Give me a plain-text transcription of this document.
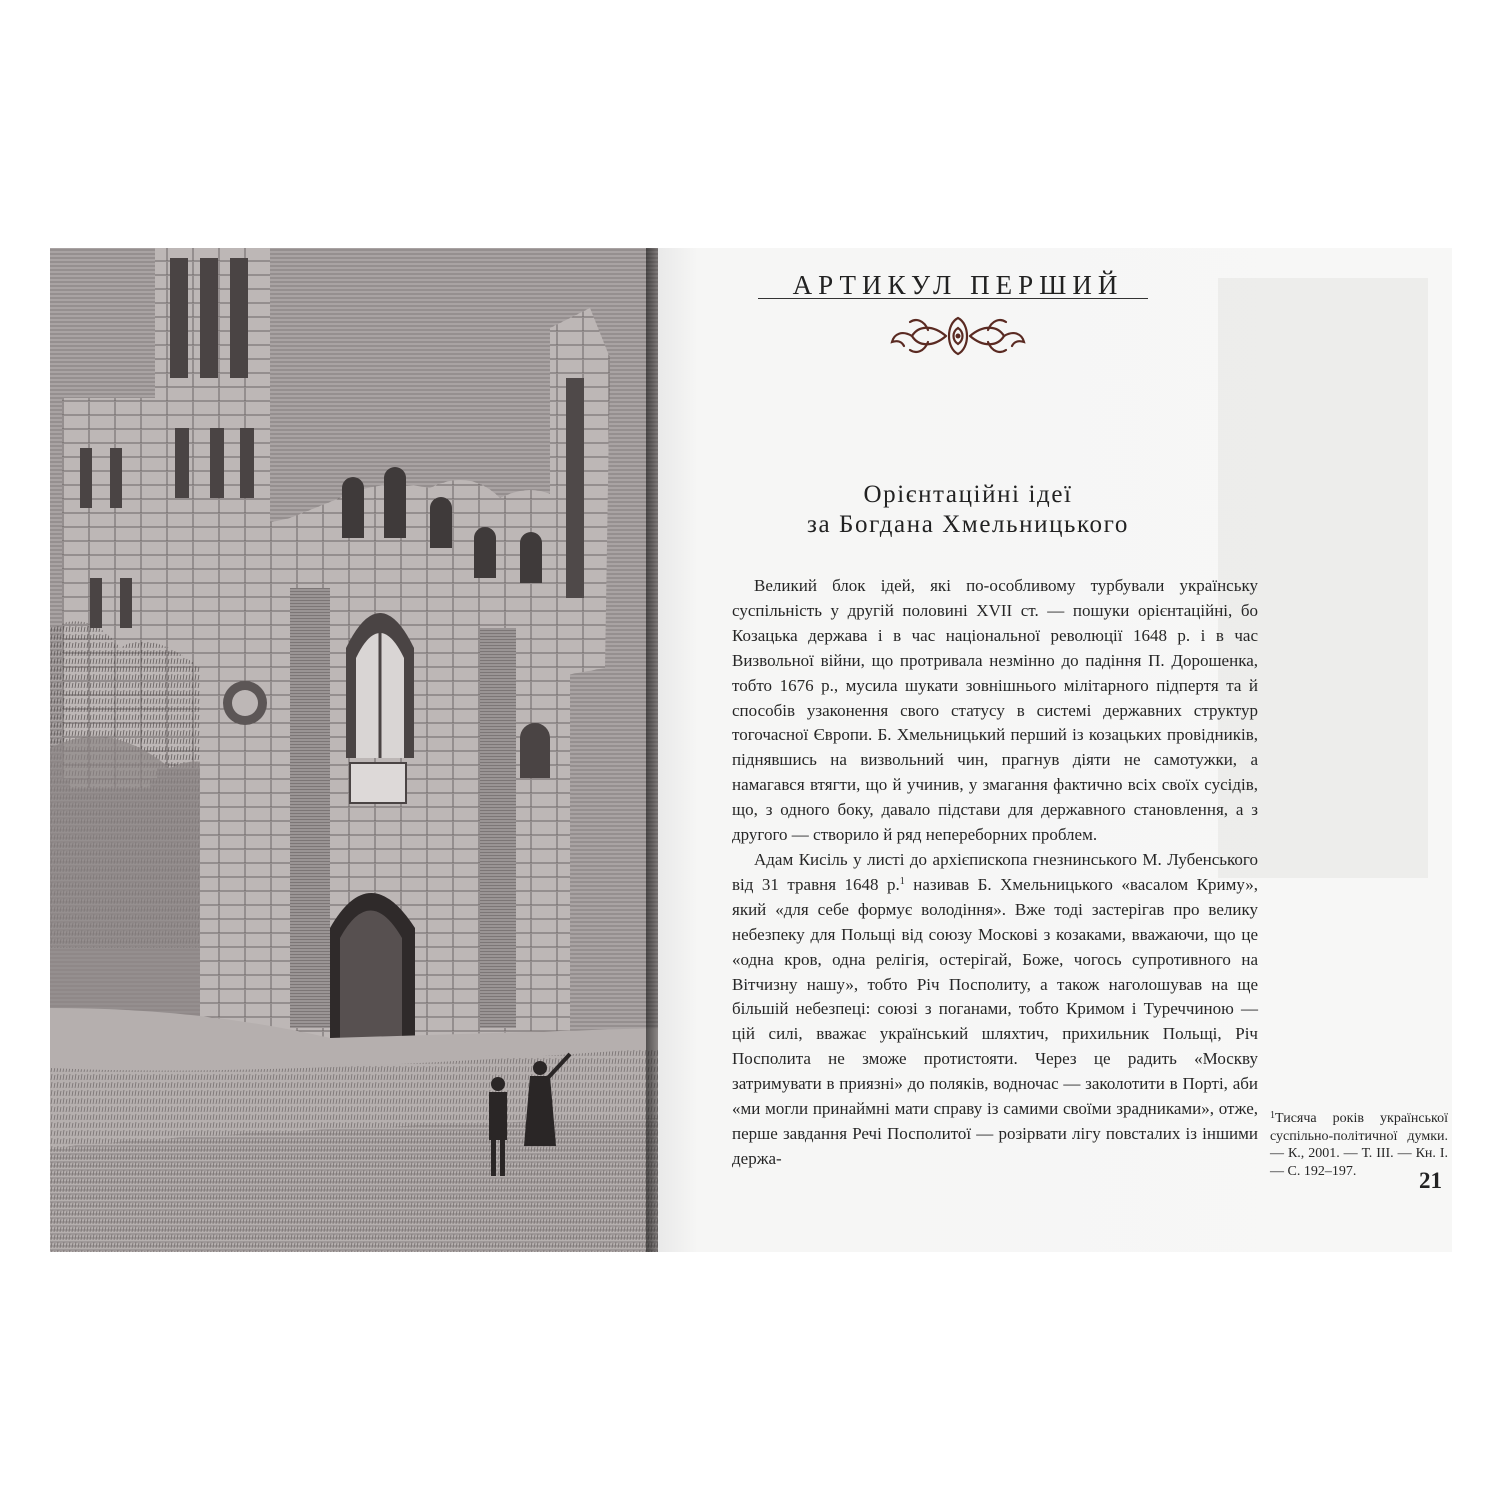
АРТИКУЛ ПЕРШИЙ
Орієнтаційні ідеї
за Богдана Хмельницького

Великий блок ідей, які по-особливому турбували українську суспільність у другій половині XVII ст. — пошуки орієнтаційні, бо Козацька держава і в час національної революції 1648 р. і в час Визвольної війни, що протривала незмінно до падіння П. Дорошенка, тобто 1676 р., мусила шукати зовнішнього мілітарного підпертя та й способів узаконення свого статусу в системі державних структур тогочасної Європи. Б. Хмельницький перший із козацьких провідників, піднявшись на визвольний чин, прагнув діяти не самотужки, а намагався втягти, що й учинив, у змагання фактично всіх своїх сусідів, що, з одного боку, давало підстави для державного становлення, а з другого — створило й ряд непереборних проблем.

Адам Кисіль у листі до архієпископа гнезнинського М. Лубенського від 31 травня 1648 р.$^1$ називав Б. Хмельницького «васалом Криму», який «для себе формує володіння». Вже тоді застерігав про велику небезпеку для Польщі від союзу Москові з козаками, вважаючи, що це «одна кров, одна релігія, остерігай, Боже, чогось супротивного на Вітчизну нашу», тобто Річ Посполиту, а також наголошував на ще більшій небезпеці: союзі з поганами, тобто Кримом і Туреччиною — цій силі, вважає український шляхтич, прихильник Польщі, Річ Посполита не зможе протистояти. Через це радить «Москву затримувати в приязні» до поляків, водночас — заколотити в Порті, аби «ми могли принаймні мати справу із самими своїми зрадниками», отже, перше завдання Речі Посполитої — розірвати лігу повсталих із іншими держа-

$^1$Тисяча років української суспільно-політичної думки. — К., 2001. — Т. III. — Кн. I. — С. 192–197.	21
